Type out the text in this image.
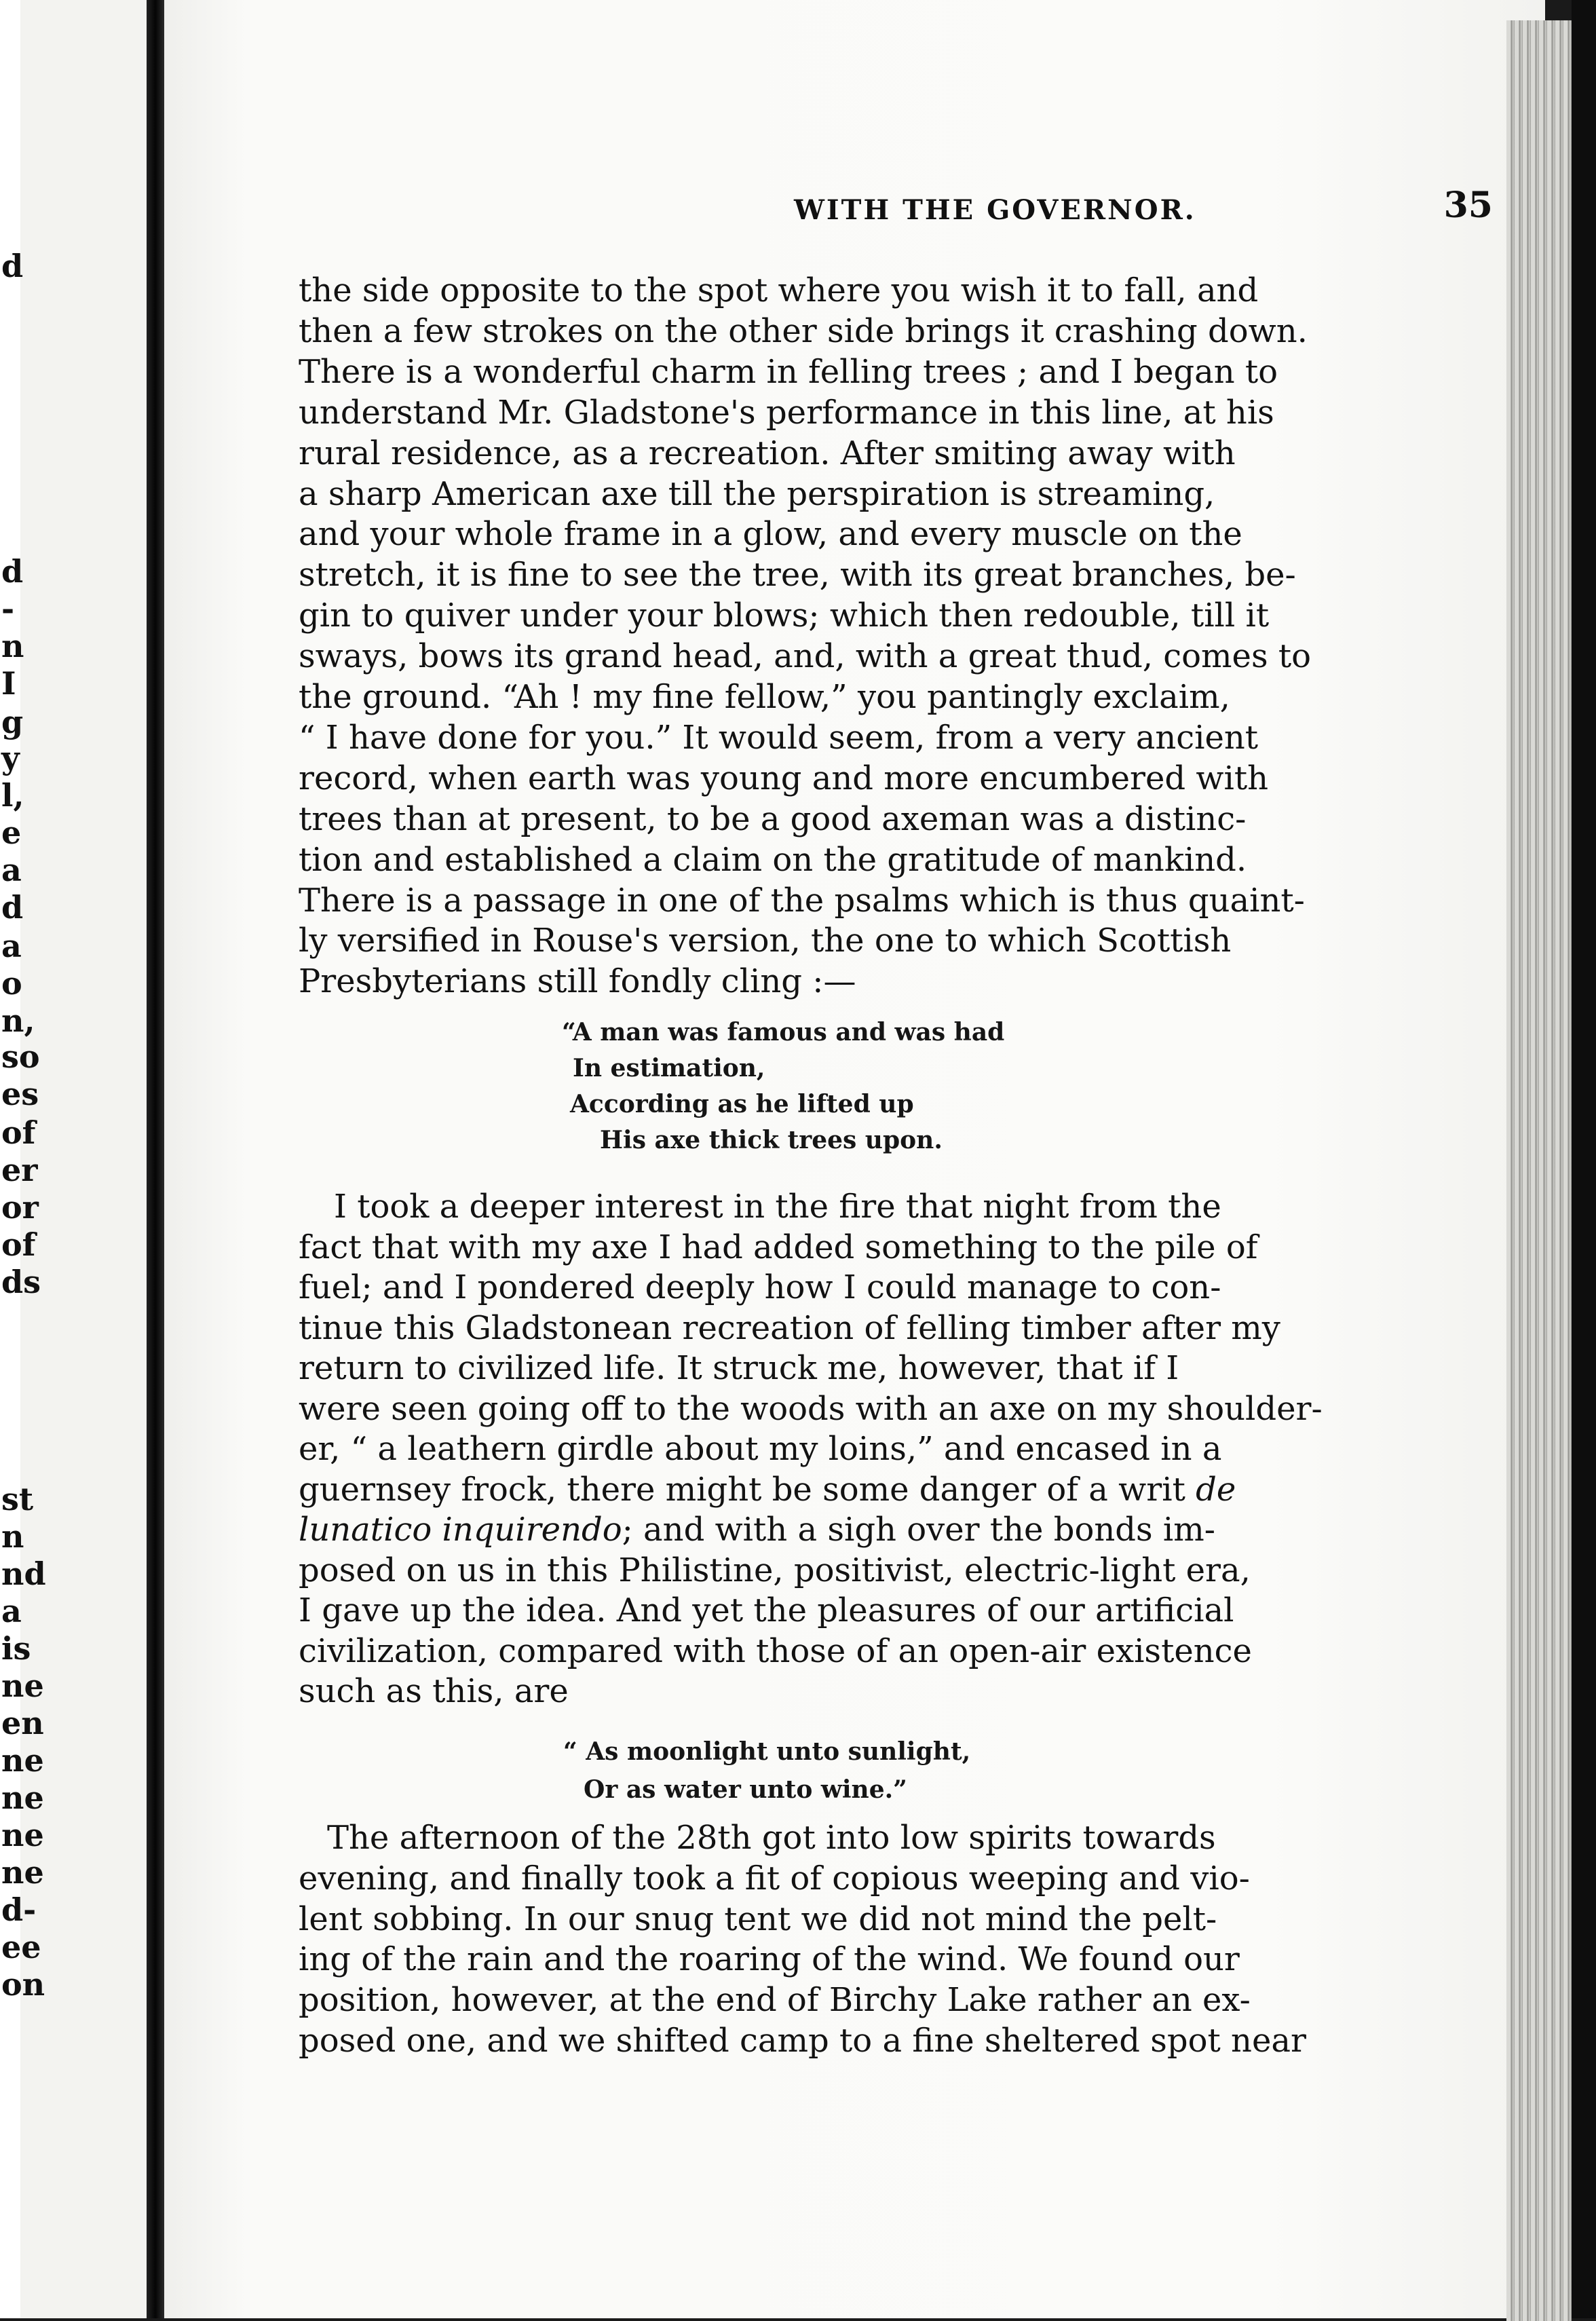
d
d
-
n
I
g
y
l,
e
a
d
a
o
n,
so
es
of
er
or
of
ds
st
n
nd
a
is
ne
en
ne
ne
ne
ne
d-
ee
on
WITH THE GOVERNOR.	35
the side opposite to the spot where you wish it to fall, and
then a few strokes on the other side brings it crashing down.
There is a wonderful charm in felling trees ; and I began to
understand Mr. Gladstone's performance in this line, at his
rural residence, as a recreation. After smiting away with
a sharp American axe till the perspiration is streaming,
and your whole frame in a glow, and every muscle on the
stretch, it is fine to see the tree, with its great branches, be-
gin to quiver under your blows; which then redouble, till it
sways, bows its grand head, and, with a great thud, comes to
the ground. “Ah ! my fine fellow,” you pantingly exclaim,
“ I have done for you.” It would seem, from a very ancient
record, when earth was young and more encumbered with
trees than at present, to be a good axeman was a distinc-
tion and established a claim on the gratitude of mankind.
There is a passage in one of the psalms which is thus quaint-
ly versified in Rouse's version, the one to which Scottish
Presbyterians still fondly cling :—
“A man was famous and was had
In estimation,
According as he lifted up
His axe thick trees upon.
I took a deeper interest in the fire that night from the
fact that with my axe I had added something to the pile of
fuel; and I pondered deeply how I could manage to con-
tinue this Gladstonean recreation of felling timber after my
return to civilized life. It struck me, however, that if I
were seen going off to the woods with an axe on my shoulder-
er, “ a leathern girdle about my loins,” and encased in a
guernsey frock, there might be some danger of a writ de
lunatico inquirendo; and with a sigh over the bonds im-
posed on us in this Philistine, positivist, electric-light era,
I gave up the idea. And yet the pleasures of our artificial
civilization, compared with those of an open-air existence
such as this, are
“ As moonlight unto sunlight,
Or as water unto wine.”
The afternoon of the 28th got into low spirits towards
evening, and finally took a fit of copious weeping and vio-
lent sobbing. In our snug tent we did not mind the pelt-
ing of the rain and the roaring of the wind. We found our
position, however, at the end of Birchy Lake rather an ex-
posed one, and we shifted camp to a fine sheltered spot near
